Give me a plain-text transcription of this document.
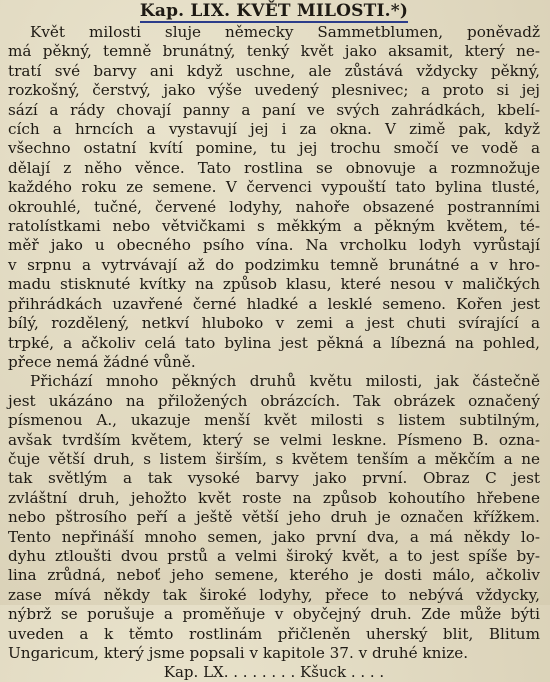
Kap. LIX. KVĚT MILOSTI.*)
Květ milosti sluje německy Sammetblumen, poněvadž
má pěkný, temně brunátný, tenký květ jako aksamit, který ne-
tratí své barvy ani když uschne, ale zůstává vždycky pěkný,
rozkošný, čerstvý, jako výše uvedený plesnivec; a proto si jej
sází a rády chovají panny a paní ve svých zahrádkách, kbelí-
cích a hrncích a vystavují jej i za okna. V zimě pak, když
všechno ostatní kvítí pomine, tu jej trochu smočí ve vodě a
dělají z něho věnce. Tato rostlina se obnovuje a rozmnožuje
každého roku ze semene. V červenci vypouští tato bylina tlusté,
okrouhlé, tučné, červené lodyhy, nahoře obsazené postranními
ratolístkami nebo větvičkami s měkkým a pěkným květem, té-
měř jako u obecného psího vína. Na vrcholku lodyh vyrůstají
v srpnu a vytrvávají až do podzimku temně brunátné a v hro-
madu stisknuté kvítky na způsob klasu, které nesou v maličkých
přihrádkách uzavřené černé hladké a lesklé semeno. Kořen jest
bílý, rozdělený, netkví hluboko v zemi a jest chuti svírající a
trpké, a ačkoliv celá tato bylina jest pěkná a líbezná na pohled,
přece nemá žádné vůně.
Přichází mnoho pěkných druhů květu milosti, jak částečně
jest ukázáno na přiložených obrázcích. Tak obrázek označený
písmenou A., ukazuje menší květ milosti s listem subtilným,
avšak tvrdším květem, který se velmi leskne. Písmeno B. ozna-
čuje větší druh, s listem širším, s květem tenším a měkčím a ne
tak světlým a tak vysoké barvy jako první. Obraz C jest
zvláštní druh, jehožto květ roste na způsob kohoutího hřebene
nebo pštrosího peří a ještě větší jeho druh je označen křížkem.
Tento nepřináší mnoho semen, jako první dva, a má někdy lo-
dyhu ztloušti dvou prstů a velmi široký květ, a to jest spíše by-
lina zrůdná, neboť jeho semene, kterého je dosti málo, ačkoliv
zase mívá někdy tak široké lodyhy, přece to nebývá vždycky,
nýbrž se porušuje a proměňuje v obyčejný druh. Zde může býti
uveden a k těmto rostlinám přičleněn uherský blit, Blitum
Ungaricum, který jsme popsali v kapitole 37. v druhé knize.
Kap. LX. . . . . . . . Kšuck . . . .
